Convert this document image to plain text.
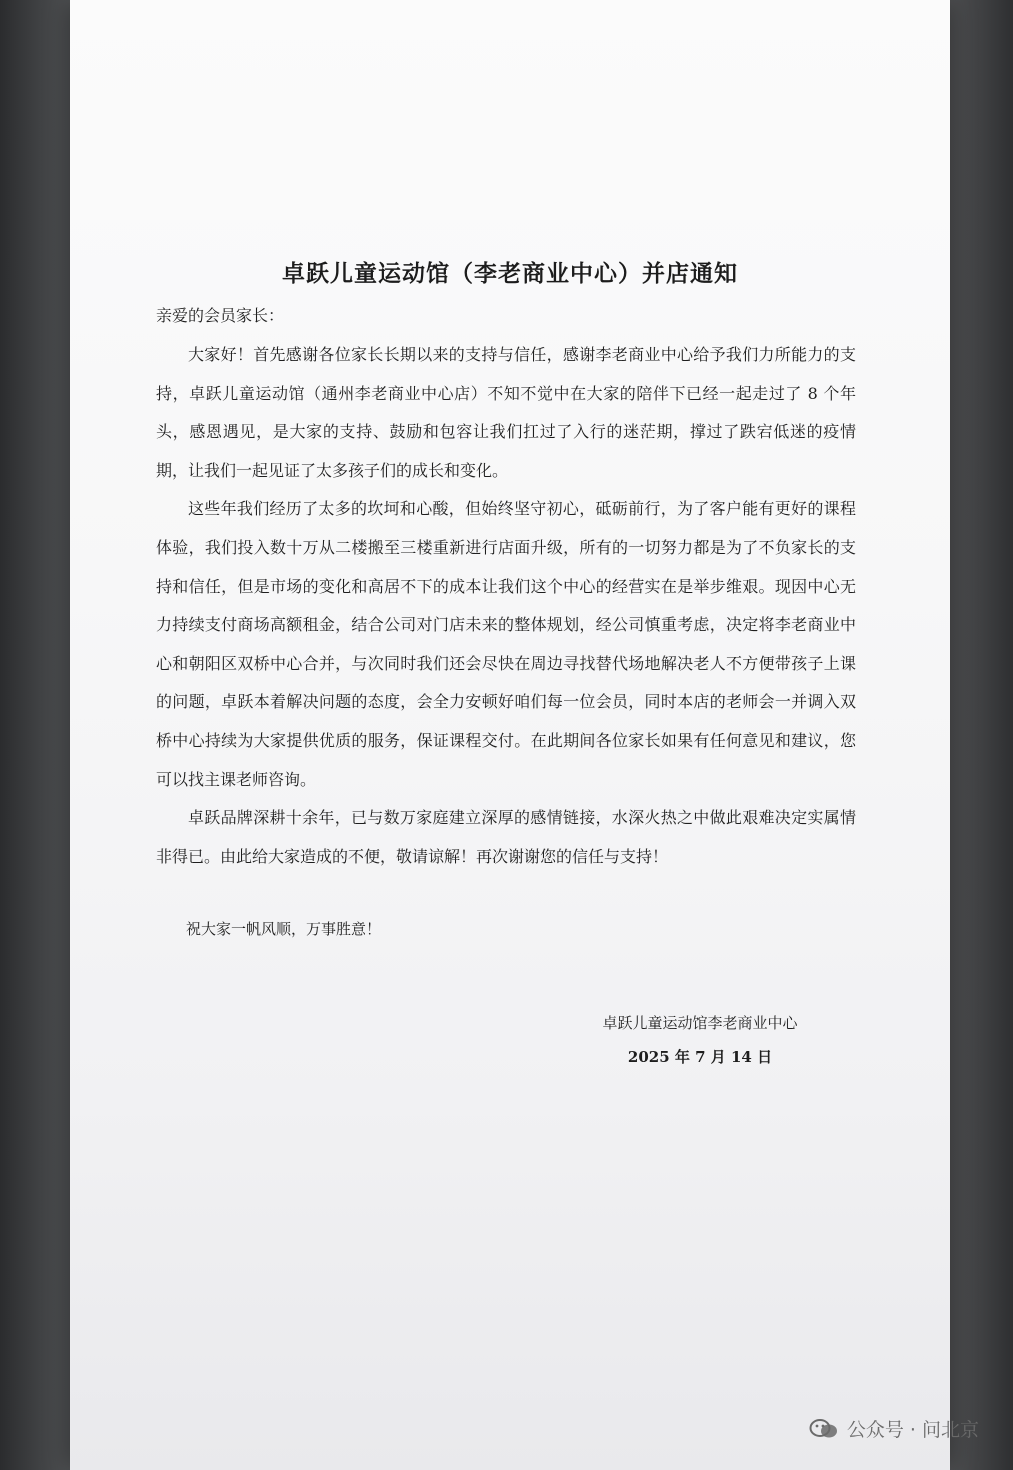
卓跃儿童运动馆（李老商业中心）并店通知
亲爱的会员家长：

大家好！首先感谢各位家长长期以来的支持与信任，感谢李老商业中心给予我们力所能力的支持，卓跃儿童运动馆（通州李老商业中心店）不知不觉中在大家的陪伴下已经一起走过了 8 个年头，感恩遇见，是大家的支持、鼓励和包容让我们扛过了入行的迷茫期，撑过了跌宕低迷的疫情期，让我们一起见证了太多孩子们的成长和变化。

这些年我们经历了太多的坎坷和心酸，但始终坚守初心，砥砺前行，为了客户能有更好的课程体验，我们投入数十万从二楼搬至三楼重新进行店面升级，所有的一切努力都是为了不负家长的支持和信任，但是市场的变化和高居不下的成本让我们这个中心的经营实在是举步维艰。现因中心无力持续支付商场高额租金，结合公司对门店未来的整体规划，经公司慎重考虑，决定将李老商业中心和朝阳区双桥中心合并，与次同时我们还会尽快在周边寻找替代场地解决老人不方便带孩子上课的问题，卓跃本着解决问题的态度，会全力安顿好咱们每一位会员，同时本店的老师会一并调入双桥中心持续为大家提供优质的服务，保证课程交付。在此期间各位家长如果有任何意见和建议，您可以找主课老师咨询。

卓跃品牌深耕十余年，已与数万家庭建立深厚的感情链接，水深火热之中做此艰难决定实属情非得已。由此给大家造成的不便，敬请谅解！再次谢谢您的信任与支持！

祝大家一帆风顺，万事胜意！
卓跃儿童运动馆李老商业中心
2025 年 7 月 14 日
公众号 · 问北京
